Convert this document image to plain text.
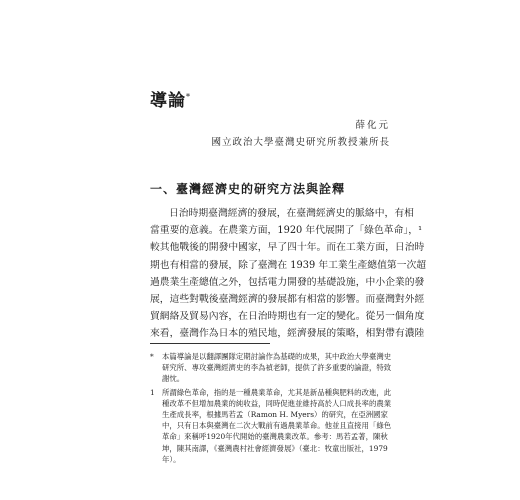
導論*
薛化元
國立政治大學臺灣史研究所教授兼所長
一、臺灣經濟史的研究方法與詮釋
日治時期臺灣經濟的發展，在臺灣經濟史的脈絡中，有相
當重要的意義。在農業方面，1920 年代展開了「綠色革命」，¹
較其他戰後的開發中國家，早了四十年。而在工業方面，日治時
期也有相當的發展，除了臺灣在 1939 年工業生產總值第一次超
過農業生產總值之外，包括電力開發的基礎設施，中小企業的發
展，這些對戰後臺灣經濟的發展都有相當的影響。而臺灣對外經
貿網絡及貿易內容，在日治時期也有一定的變化。從另一個角度
來看，臺灣作為日本的殖民地，經濟發展的策略，相對帶有濃陸
* 本篇導論是以翻譯團隊定期討論作為基礎的成果，其中政治大學臺灣史研究所、專攻臺灣經濟史的李為禎老師，提供了許多重要的論證，特致謝忱。
1 所謂綠色革命，指的是一種農業革命，尤其是新品種與肥料的改進，此種改革不但增加農業的純收益，同時促進並維持高於人口成長率的農業生產成長率，根據馬若孟（Ramon H. Myers）的研究，在亞洲國家中，只有日本與臺灣在二次大戰前有過農業革命。他並且直接用「綠色革命」來稱呼1920年代開始的臺灣農業改革。參考：馬若孟著，陳秋坤，陳其南譯，《臺灣農村社會經濟發展》（臺北：牧童出版社，1979年）。
